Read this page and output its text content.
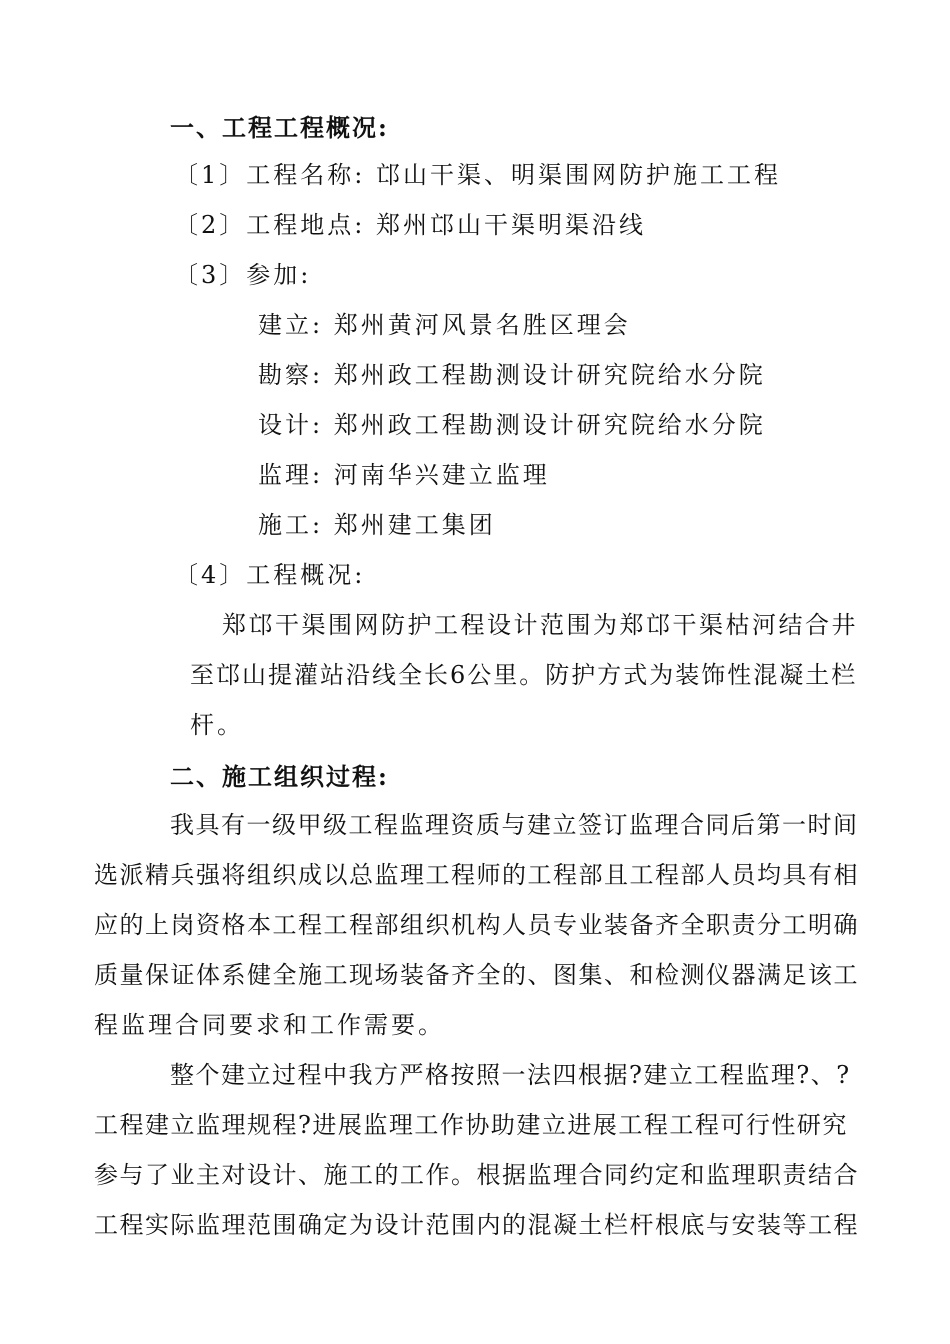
一、工程工程概况:
〔1〕工程名称: 邙山干渠、明渠围网防护施工工程
〔2〕工程地点: 郑州邙山干渠明渠沿线
〔3〕参加:
建立: 郑州黄河风景名胜区理会
勘察: 郑州政工程勘测设计研究院给水分院
设计: 郑州政工程勘测设计研究院给水分院
监理: 河南华兴建立监理
施工: 郑州建工集团
〔4〕工程概况:
郑邙干渠围网防护工程设计范围为郑邙干渠枯河结合井
至邙山提灌站沿线全长6公里。防护方式为装饰性混凝土栏
杆。
二、施工组织过程:
我具有一级甲级工程监理资质与建立签订监理合同后第一时间
选派精兵强将组织成以总监理工程师的工程部且工程部人员均具有相
应的上岗资格本工程工程部组织机构人员专业装备齐全职责分工明确
质量保证体系健全施工现场装备齐全的、图集、和检测仪器满足该工
程监理合同要求和工作需要。
整个建立过程中我方严格按照一法四根据?建立工程监理?、?
工程建立监理规程?进展监理工作协助建立进展工程工程可行性研究
参与了业主对设计、施工的工作。根据监理合同约定和监理职责结合
工程实际监理范围确定为设计范围内的混凝土栏杆根底与安装等工程
